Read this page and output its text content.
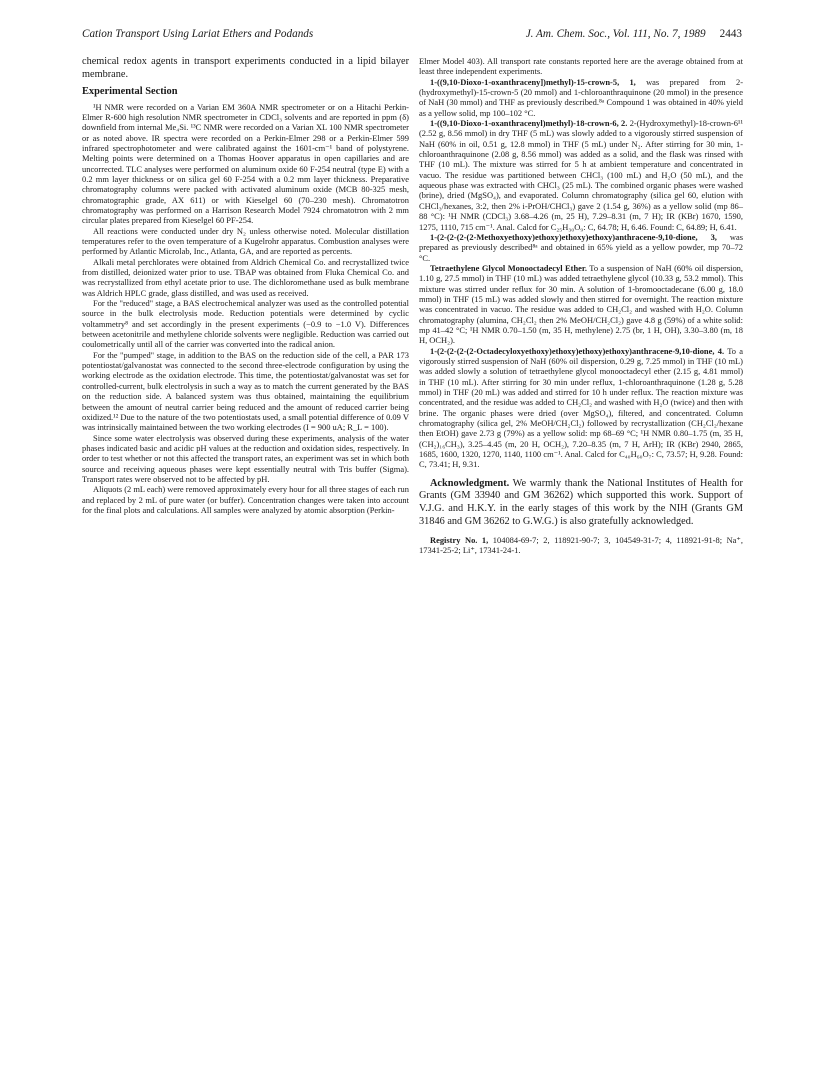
Cation Transport Using Lariat Ethers and Podands	J. Am. Chem. Soc., Vol. 111, No. 7, 1989 2443

chemical redox agents in transport experiments conducted in a lipid bilayer membrane.

Experimental Section

¹H NMR were recorded on a Varian EM 360A NMR spectrometer or on a Hitachi Perkin-Elmer R-600 high resolution NMR spectrometer in CDCl₃ solvents and are reported in ppm (δ) downfield from internal Me₄Si. ¹³C NMR were recorded on a Varian XL 100 NMR spectrometer or as noted above. IR spectra were recorded on a Perkin-Elmer 298 or a Perkin-Elmer 599 infrared spectrophotometer and were calibrated against the 1601-cm⁻¹ band of polystyrene. Melting points were determined on a Thomas Hoover apparatus in open capillaries and are uncorrected. TLC analyses were performed on aluminum oxide 60 F-254 neutral (type E) with a 0.2 mm layer thickness or on silica gel 60 F-254 with a 0.2 mm layer thickness. Preparative chromatography columns were packed with activated aluminum oxide (MCB 80-325 mesh, chromatographic grade, AX 611) or with Kieselgel 60 (70–230 mesh). Chromatotron chromatography was performed on a Harrison Research Model 7924 chromatotron with 2 mm circular plates prepared from Kieselgel 60 PF-254.

All reactions were conducted under dry N₂ unless otherwise noted. Molecular distillation temperatures refer to the oven temperature of a Kugelrohr apparatus. Combustion analyses were performed by Atlantic Microlab, Inc., Atlanta, GA, and are reported as percents.

Alkali metal perchlorates were obtained from Aldrich Chemical Co. and recrystallized twice from distilled, deionized water prior to use. TBAP was obtained from Fluka Chemical Co. and was recrystallized from ethyl acetate prior to use. The dichloromethane used as bulk membrane was Aldrich HPLC grade, glass distilled, and was used as received.

For the "reduced" stage, a BAS electrochemical analyzer was used as the controlled potential source in the bulk electrolysis mode. Reduction potentials were determined by cyclic voltammetry⁸ and set accordingly in the present experiments (−0.9 to −1.0 V). Differences between acetonitrile and methylene chloride solvents were negligible. Reduction was carried out coulometrically until all of the carrier was converted into the radical anion.

For the "pumped" stage, in addition to the BAS on the reduction side of the cell, a PAR 173 potentiostat/galvanostat was connected to the second three-electrode configuration by using the working electrode as the oxidation electrode. This time, the potentiostat/galvanostat was set for controlled-current, bulk electrolysis in such a way as to match the current generated by the BAS on the reduction side. A balanced system was thus obtained, maintaining the equilibrium between the amount of neutral carrier being reduced and the amount of reduced carrier being oxidized.¹² Due to the nature of the two potentiostats used, a small potential difference of 0.09 V was intrinsically maintained between the two working electrodes (I = 900 uA; R_L = 100).

Since some water electrolysis was observed during these experiments, analysis of the water phases indicated basic and acidic pH values at the reduction and oxidation sides, respectively. In order to test whether or not this affected the transport rates, an experiment was set in which both source and receiving aqueous phases were kept essentially neutral with Tris buffer (Sigma). Transport rates were observed not to be affected by pH.

Aliquots (2 mL each) were removed approximately every hour for all three stages of each run and replaced by 2 mL of pure water (or buffer). Concentration changes were taken into account for the final plots and calculations. All samples were analyzed by atomic absorption (Perkin-

Elmer Model 403). All transport rate constants reported here are the average obtained from at least three independent experiments.

1-((9,10-Dioxo-1-oxanthraceny])methyl)-15-crown-5, 1, was prepared from 2-(hydroxymethyl)-15-crown-5 (20 mmol) and 1-chloroanthraquinone (20 mmol) in the presence of NaH (30 mmol) and THF as previously described.⁸ᵃ Compound 1 was obtained in 40% yield as a yellow solid, mp 100–102 °C.

1-((9,10-Dioxo-1-oxanthracenyl)methyl)-18-crown-6, 2. 2-(Hydroxymethyl)-18-crown-6¹¹ (2.52 g, 8.56 mmol) in dry THF (5 mL) was slowly added to a vigorously stirred suspension of NaH (60% in oil, 0.51 g, 12.8 mmol) in THF (5 mL) under N₂. After stirring for 30 min, 1-chloroanthraquinone (2.08 g, 8.56 mmol) was added as a solid, and the flask was rinsed with THF (10 mL). The mixture was stirred for 5 h at ambient temperature and concentrated in vacuo. The residue was partitioned between CHCl₃ (100 mL) and H₂O (50 mL), and the aqueous phase was extracted with CHCl₃ (25 mL). The combined organic phases were washed (brine), dried (MgSO₄), and evaporated. Column chromatography (silica gel 60, elution with CHCl₃/hexanes, 3:2, then 2% i-PrOH/CHCl₃) gave 2 (1.54 g, 36%) as a yellow solid (mp 86–88 °C): ¹H NMR (CDCl₃) 3.68–4.26 (m, 25 H), 7.29–8.31 (m, 7 H); IR (KBr) 1670, 1590, 1275, 1110, 715 cm⁻¹. Anal. Calcd for C₂₅H₃₀O₉: C, 64.78; H, 6.46. Found: C, 64.89; H, 6.41.

1-(2-(2-(2-(2-Methoxyethoxy)ethoxy)ethoxy)ethoxy)anthracene-9,10-dione, 3, was prepared as previously described⁸ᵃ and obtained in 65% yield as a yellow powder, mp 70–72 °C.

Tetraethylene Glycol Monooctadecyl Ether. To a suspension of NaH (60% oil dispersion, 1.10 g, 27.5 mmol) in THF (10 mL) was added tetraethylene glycol (10.33 g, 53.2 mmol). This mixture was stirred under reflux for 30 min. A solution of 1-bromooctadecane (6.00 g, 18.0 mmol) in THF (15 mL) was added slowly and then stirred for overnight. The reaction mixture was concentrated in vacuo. The residue was added to CH₂Cl₂ and washed with H₂O. Column chromatography (alumina, CH₂Cl₂ then 2% MeOH/CH₂Cl₂) gave 4.8 g (59%) of a white solid: mp 41–42 °C; ¹H NMR 0.70–1.50 (m, 35 H, methylene) 2.75 (br, 1 H, OH), 3.30–3.80 (m, 18 H, OCH₂).

1-(2-(2-(2-(2-Octadecyloxyethoxy)ethoxy)ethoxy)ethoxy)anthracene-9,10-dione, 4. To a vigorously stirred suspension of NaH (60% oil dispersion, 0.29 g, 7.25 mmol) in THF (10 mL) was added slowly a solution of tetraethylene glycol monooctadecyl ether (2.15 g, 4.81 mmol) in THF (10 mL). After stirring for 30 min under reflux, 1-chloroanthraquinone (1.28 g, 5.28 mmol) in THF (20 mL) was added and stirred for 10 h under reflux. The reaction mixture was concentrated, and the residue was added to CH₂Cl₂ and washed with H₂O (twice) and then with brine. The organic phases were dried (over MgSO₄), filtered, and concentrated. Column chromatography (silica gel, 2% MeOH/CH₂Cl₂) followed by recrystallization (CH₂Cl₂/hexane then EtOH) gave 2.73 g (79%) as a yellow solid: mp 68–69 °C; ¹H NMR 0.80–1.75 (m, 35 H, (CH₂)₁₆CH₃), 3.25–4.45 (m, 20 H, OCH₂), 7.20–8.35 (m, 7 H, ArH); IR (KBr) 2940, 2865, 1685, 1600, 1320, 1270, 1140, 1100 cm⁻¹. Anal. Calcd for C₄₀H₆₀O₇: C, 73.57; H, 9.28. Found: C, 73.41; H, 9.31.

Acknowledgment. We warmly thank the National Institutes of Health for Grants (GM 33940 and GM 36262) which supported this work. Support of V.J.G. and H.K.Y. in the early stages of this work by the NIH (Grants GM 31846 and GM 36262 to G.W.G.) is also gratefully acknowledged.

Registry No. 1, 104084-69-7; 2, 118921-90-7; 3, 104549-31-7; 4, 118921-91-8; Na⁺, 17341-25-2; Li⁺, 17341-24-1.
